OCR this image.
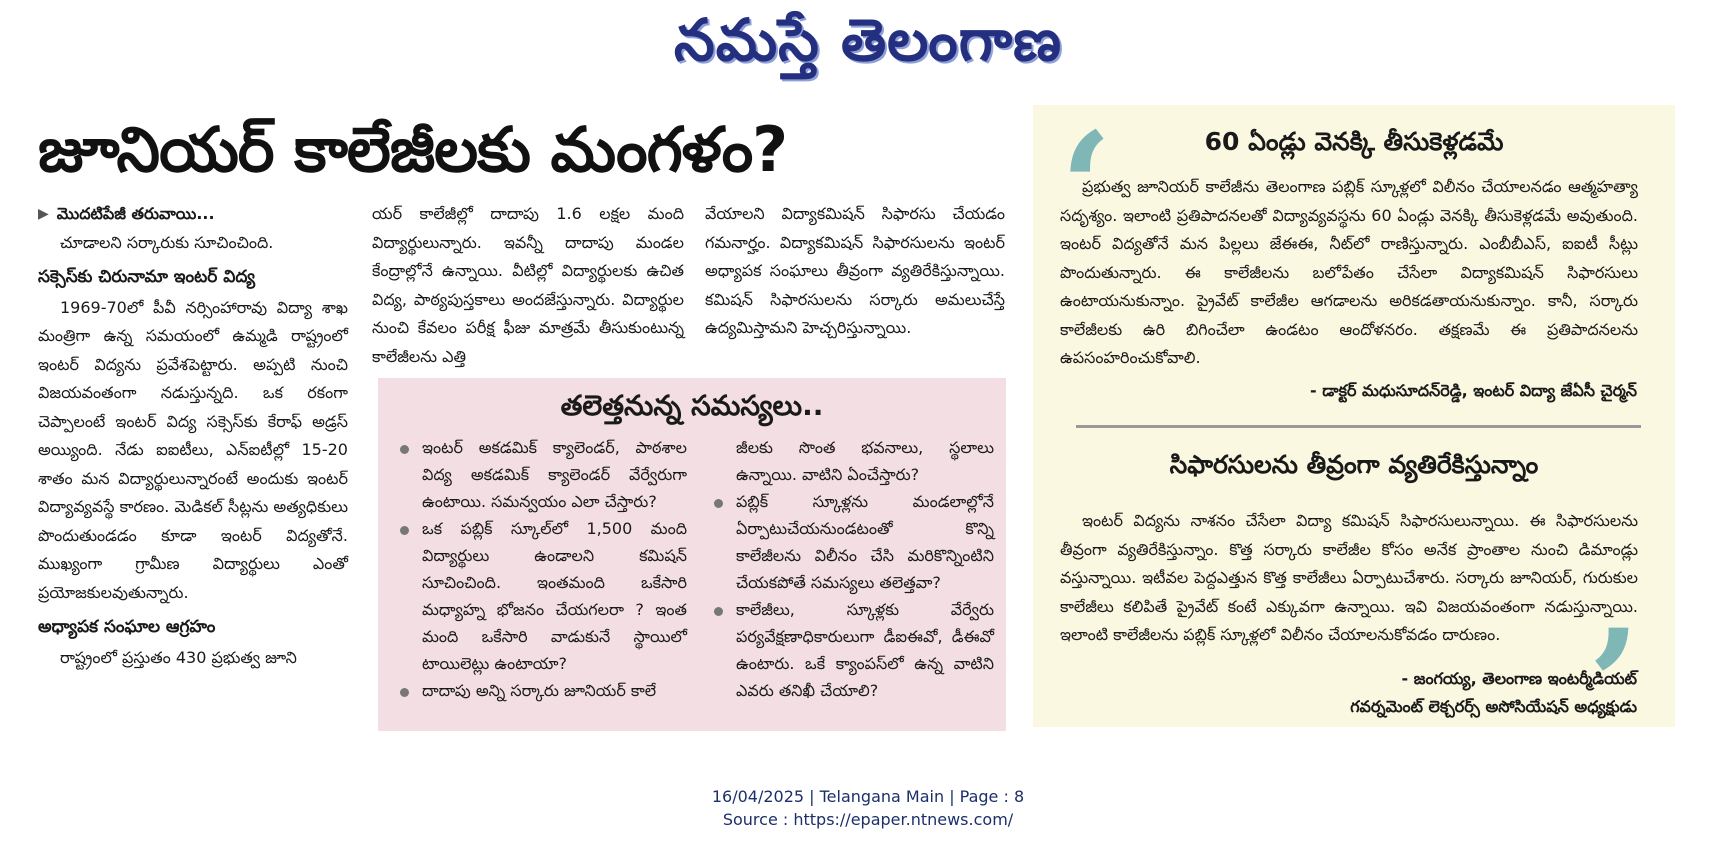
నమస్తే తెలంగాణ
జూనియర్‌ కాలేజీలకు మంగళం?
▶ మొదటిపేజీ తరువాయి...

చూడాలని సర్కారుకు సూచించింది.

సక్సెస్‌కు చిరునామా ఇంటర్‌ విద్య

1969-70లో పీవీ నర్సింహారావు విద్యా శాఖ మంత్రిగా ఉన్న సమయంలో ఉమ్మడి రాష్ట్రంలో ఇంటర్‌ విద్యను ప్రవేశపెట్టారు. అప్పటి నుంచి విజయవంతంగా నడుస్తున్నది. ఒక రకంగా చెప్పాలంటే ఇంటర్‌ విద్య సక్సెస్‌కు కేరాఫ్‌ అడ్రస్‌ అయ్యింది. నేడు ఐఐటీలు, ఎన్‌ఐటీల్లో 15-20 శాతం మన విద్యార్థులున్నారంటే అందుకు ఇంటర్‌ విద్యావ్యవస్థే కారణం. మెడికల్‌ సీట్లను అత్యధికులు పొందుతుండడం కూడా ఇంటర్‌ విద్యతోనే. ముఖ్యంగా గ్రామీణ విద్యార్థులు ఎంతో ప్రయోజకులవుతున్నారు.

అధ్యాపక సంఘాల ఆగ్రహం

రాష్ట్రంలో ప్రస్తుతం 430 ప్రభుత్వ జూని

యర్‌ కాలేజీల్లో దాదాపు 1.6 లక్షల మంది విద్యార్థులున్నారు. ఇవన్నీ దాదాపు మండల కేంద్రాల్లోనే ఉన్నాయి. వీటిల్లో విద్యార్థులకు ఉచిత విద్య, పాఠ్యపుస్తకాలు అందజేస్తున్నారు. విద్యార్థుల నుంచి కేవలం పరీక్ష ఫీజు మాత్రమే తీసుకుంటున్న కాలేజీలను ఎత్తి

వేయాలని విద్యాకమిషన్‌ సిఫారసు చేయడం గమనార్హం. విద్యాకమిషన్‌ సిఫారసులను ఇంటర్‌ అధ్యాపక సంఘాలు తీవ్రంగా వ్యతిరేకిస్తున్నాయి. కమిషన్‌ సిఫారసులను సర్కారు అమలుచేస్తే ఉద్యమిస్తామని హెచ్చరిస్తున్నాయి.

తలెత్తనున్న సమస్యలు..
ఇంటర్‌ అకడమిక్‌ క్యాలెండర్‌, పాఠశాల విద్య అకడమిక్‌ క్యాలెండర్‌ వేర్వేరుగా ఉంటాయి. సమన్వయం ఎలా చేస్తారు?
ఒక పబ్లిక్‌ స్కూల్‌లో 1,500 మంది విద్యార్థులు ఉండాలని కమిషన్‌ సూచించింది. ఇంతమంది ఒకేసారి మధ్యాహ్న భోజనం చేయగలరా ? ఇంత మంది ఒకేసారి వాడుకునే స్థాయిలో టాయిలెట్లు ఉంటాయా?
దాదాపు అన్ని సర్కారు జూనియర్‌ కాలే
జీలకు సొంత భవనాలు, స్థలాలు ఉన్నాయి. వాటిని ఏంచేస్తారు?
పబ్లిక్‌ స్కూళ్లను మండలాల్లోనే ఏర్పాటుచేయనుండటంతో కొన్ని కాలేజీలను విలీనం చేసి మరికొన్నింటిని చేయకపోతే సమస్యలు తలెత్తవా?
కాలేజీలు, స్కూళ్లకు వేర్వేరు పర్యవేక్షణాధికారులుగా డీఐఈవో, డీఈవో ఉంటారు. ఒకే క్యాంపస్‌లో ఉన్న వాటిని ఎవరు తనిఖీ చేయాలి?
‘	60 ఏండ్లు వెనక్కి తీసుకెళ్లడమే
ప్రభుత్వ జూనియర్‌ కాలేజీను తెలంగాణ పబ్లిక్‌ స్కూళ్లలో విలీనం చేయాలనడం ఆత్మహత్యా సదృశ్యం. ఇలాంటి ప్రతిపాదనలతో విద్యావ్యవస్థను 60 ఏండ్లు వెనక్కి తీసుకెళ్లడమే అవుతుంది. ఇంటర్‌ విద్యతోనే మన పిల్లలు జేఈఈ, నీట్‌లో రాణిస్తున్నారు. ఎంబీబీఎస్‌, ఐఐటీ సీట్లు పొందుతున్నారు. ఈ కాలేజీలను బలోపేతం చేసేలా విద్యాకమిషన్‌ సిఫారసులు ఉంటాయనుకున్నాం. ప్రైవేట్‌ కాలేజీల ఆగడాలను అరికడతాయనుకున్నాం. కానీ, సర్కారు కాలేజీలకు ఉరి బిగించేలా ఉండటం ఆందోళనరం. తక్షణమే ఈ ప్రతిపాదనలను ఉపసంహరించుకోవాలి.
- డాక్టర్‌ మధుసూదన్‌రెడ్డి, ఇంటర్‌ విద్యా జేఏసీ చైర్మన్‌
సిఫారసులను తీవ్రంగా వ్యతిరేకిస్తున్నాం
ఇంటర్‌ విద్యను నాశనం చేసేలా విద్యా కమిషన్‌ సిఫారసులున్నాయి. ఈ సిఫారసులను తీవ్రంగా వ్యతిరేకిస్తున్నాం. కొత్త సర్కారు కాలేజీల కోసం అనేక ప్రాంతాల నుంచి డిమాండ్లు వస్తున్నాయి. ఇటీవల పెద్దఎత్తున కొత్త కాలేజీలు ఏర్పాటుచేశారు. సర్కారు జూనియర్‌, గురుకుల కాలేజీలు కలిపితే ప్రైవేట్‌ కంటే ఎక్కువగా ఉన్నాయి. ఇవి విజయవంతంగా నడుస్తున్నాయి. ఇలాంటి కాలేజీలను పబ్లిక్‌ స్కూళ్లలో విలీనం చేయాలనుకోవడం దారుణం.
- జంగయ్య, తెలంగాణ ఇంటర్మీడియట్‌
గవర్నమెంట్‌ లెక్చరర్స్‌ అసోసియేషన్‌ అధ్యక్షుడు
’
16/04/2025 | Telangana Main | Page : 8
Source : https://epaper.ntnews.com/
